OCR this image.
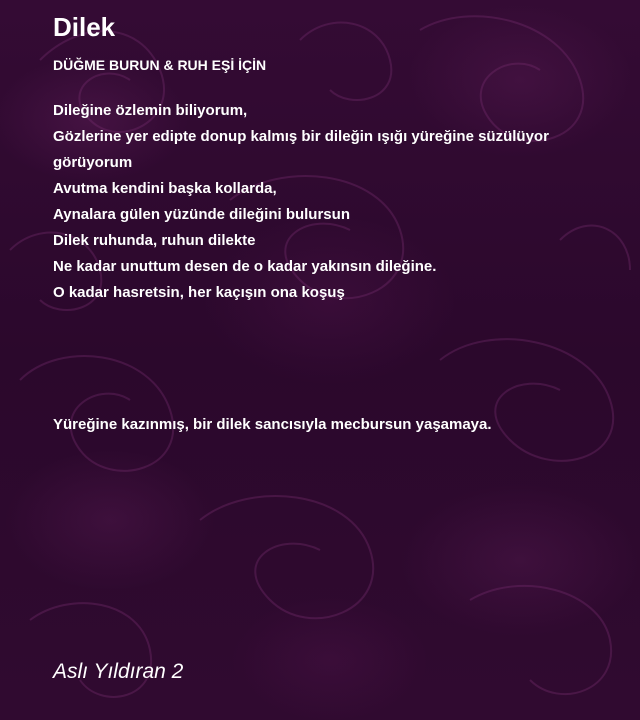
Dilek
DÜĞME BURUN & RUH EŞİ İÇİN
Dileğine özlemin biliyorum,
Gözlerine yer edipte donup kalmış bir dileğin ışığı yüreğine süzülüyor görüyorum
Avutma kendini başka kollarda,
Aynalara gülen yüzünde dileğini bulursun
Dilek ruhunda, ruhun dilekte
Ne kadar unuttum desen de o kadar yakınsın dileğine.
O kadar hasretsin, her kaçışın ona koşuş
Yüreğine kazınmış, bir dilek sancısıyla mecbursun yaşamaya.
Aslı Yıldıran 2
